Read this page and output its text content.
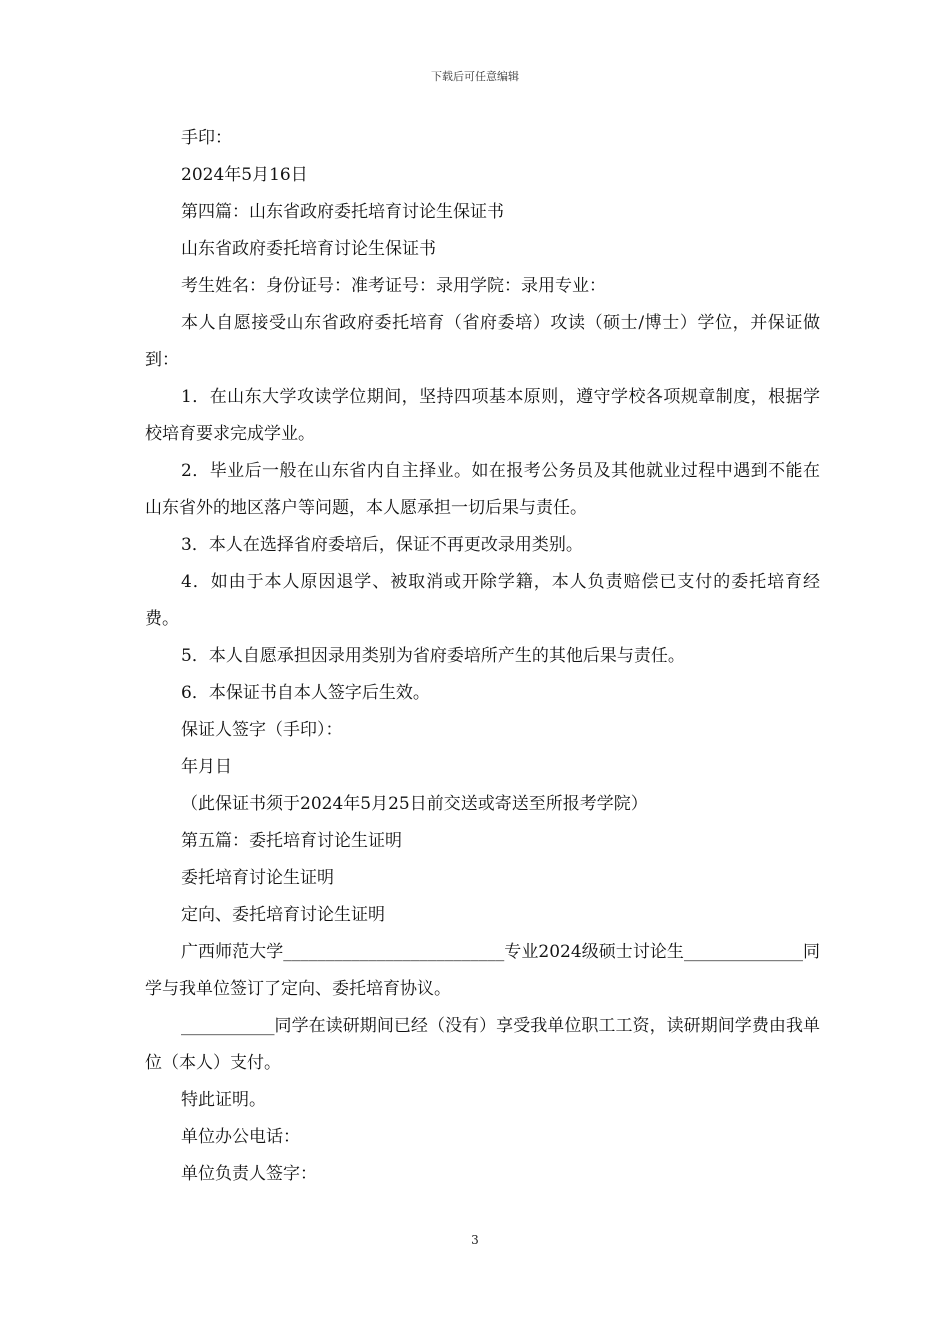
下载后可任意编辑

手印：

2024年5月16日

第四篇：山东省政府委托培育讨论生保证书

山东省政府委托培育讨论生保证书

考生姓名：身份证号：准考证号：录用学院：录用专业：

本人自愿接受山东省政府委托培育（省府委培）攻读（硕士/博士）学位，并保证做到：

1．在山东大学攻读学位期间，坚持四项基本原则，遵守学校各项规章制度，根据学校培育要求完成学业。

2．毕业后一般在山东省内自主择业。如在报考公务员及其他就业过程中遇到不能在山东省外的地区落户等问题，本人愿承担一切后果与责任。

3．本人在选择省府委培后，保证不再更改录用类别。

4．如由于本人原因退学、被取消或开除学籍，本人负责赔偿已支付的委托培育经费。

5．本人自愿承担因录用类别为省府委培所产生的其他后果与责任。

6．本保证书自本人签字后生效。

保证人签字（手印）：

年月日

（此保证书须于2024年5月25日前交送或寄送至所报考学院）

第五篇：委托培育讨论生证明

委托培育讨论生证明

定向、委托培育讨论生证明

广西师范大学__________________________专业2024级硕士讨论生______________同学与我单位签订了定向、委托培育协议。

___________同学在读研期间已经（没有）享受我单位职工工资，读研期间学费由我单位（本人）支付。

特此证明。

单位办公电话：

单位负责人签字：

3
